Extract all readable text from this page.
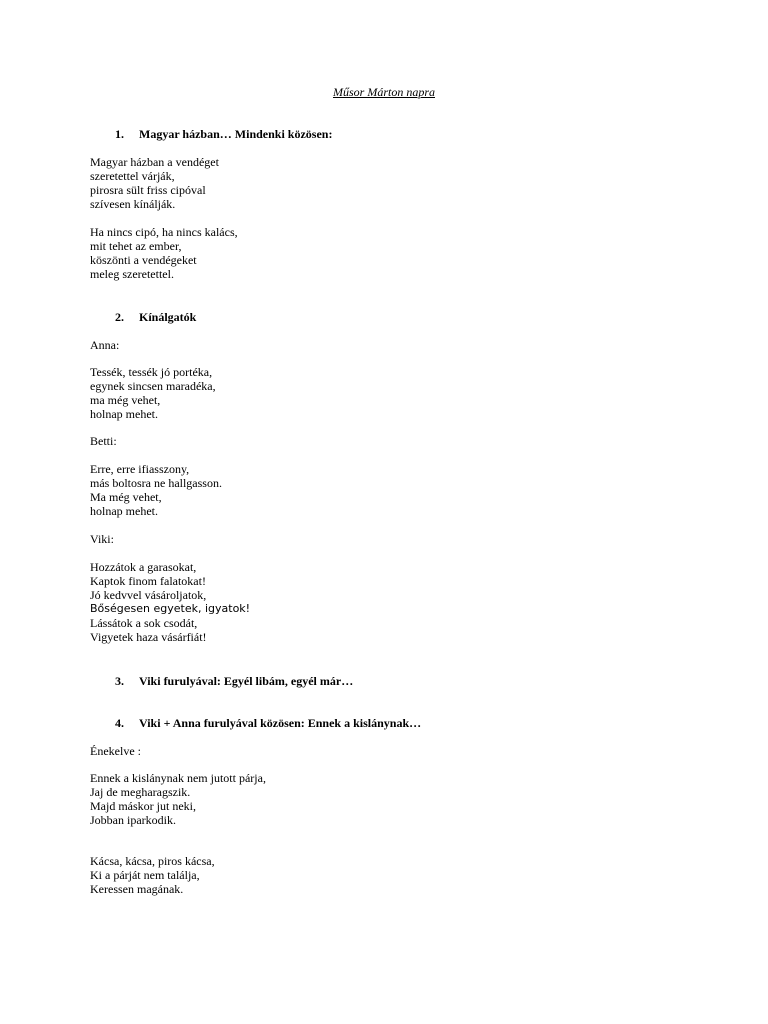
Műsor Márton napra
1. Magyar házban… Mindenki közösen:
Magyar házban a vendéget
szeretettel várják,
pirosra sült friss cipóval
szívesen kínálják.
Ha nincs cipó, ha nincs kalács,
mit tehet az ember,
köszönti a vendégeket
meleg szeretettel.
2. Kínálgatók
Anna:
Tessék, tessék jó portéka,
egynek sincsen maradéka,
ma még vehet,
holnap mehet.
Betti:
Erre, erre ifiasszony,
más boltosra ne hallgasson.
Ma még vehet,
holnap mehet.
Viki:
Hozzátok a garasokat,
Kaptok finom falatokat!
Jó kedvvel vásároljatok,
Bőségesen egyetek, igyatok!
Lássátok a sok csodát,
Vigyetek haza vásárfiát!
3. Viki furulyával: Egyél libám, egyél már…
4. Viki + Anna furulyával közösen: Ennek a kislánynak…
Énekelve :
Ennek a kislánynak nem jutott párja,
Jaj de megharagszik.
Majd máskor jut neki,
Jobban iparkodik.
Kácsa, kácsa, piros kácsa,
Ki a párját nem találja,
Keressen magának.
